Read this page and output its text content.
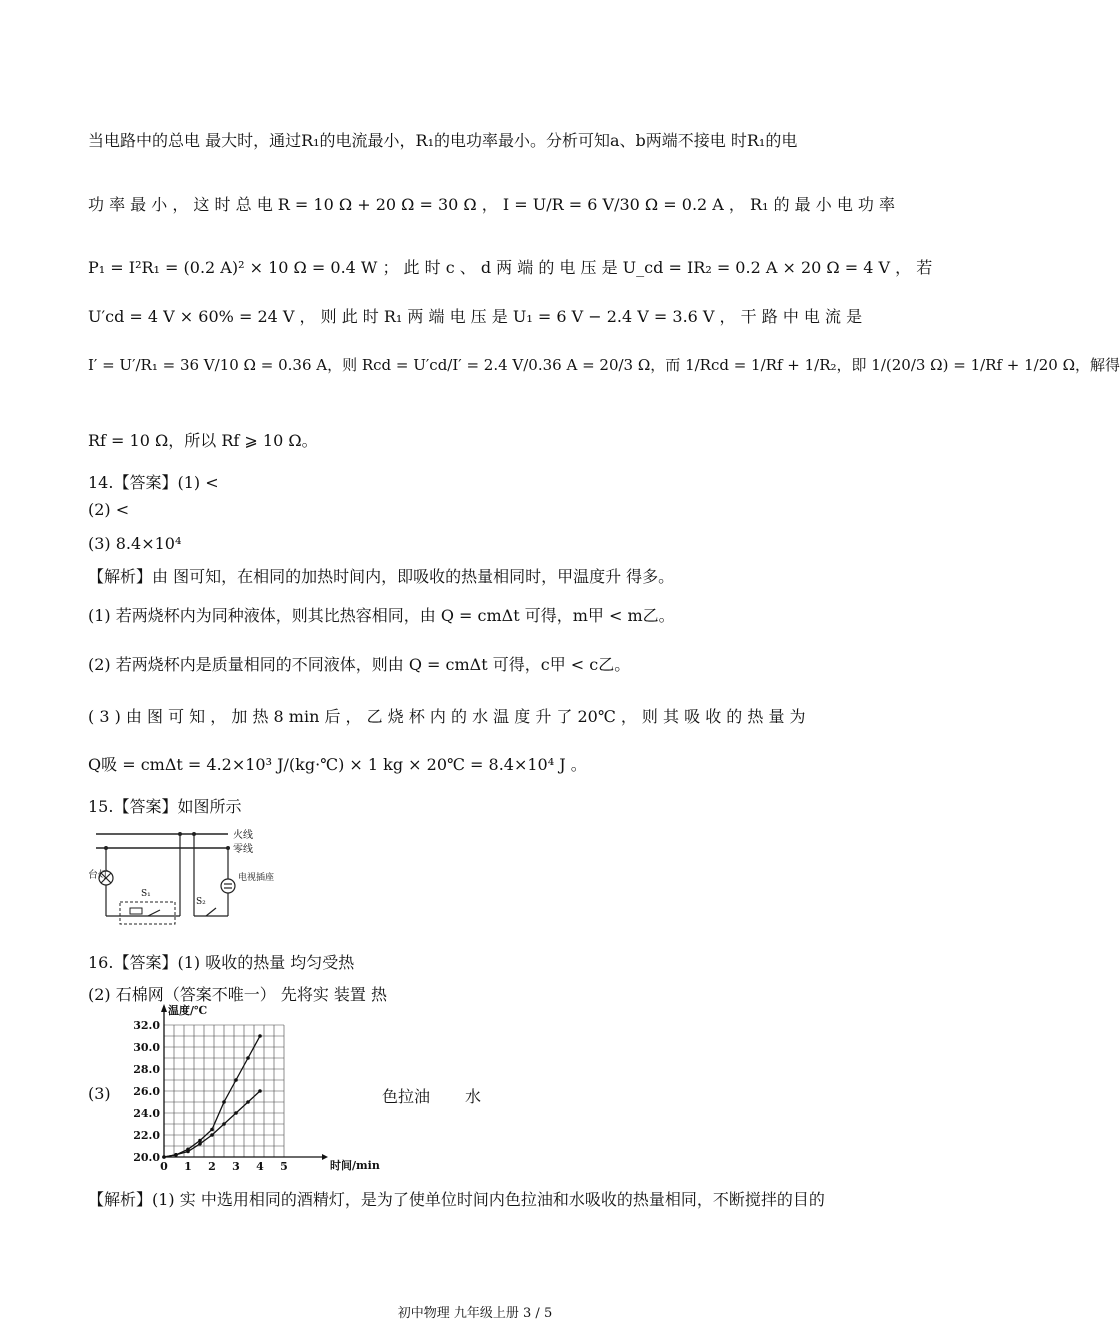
当电路中的总电 最大时，通过R₁的电流最小，R₁的电功率最小。分析可知a、b两端不接电 时R₁的电
功 率 最 小 ， 这 时 总 电 R = 10 Ω + 20 Ω = 30 Ω ， I = U/R = 6 V/30 Ω = 0.2 A ， R₁ 的 最 小 电 功 率
P₁ = I²R₁ = (0.2 A)² × 10 Ω = 0.4 W ； 此 时 c 、 d 两 端 的 电 压 是 U_cd = IR₂ = 0.2 A × 20 Ω = 4 V ， 若
U′cd = 4 V × 60% = 24 V ， 则 此 时 R₁ 两 端 电 压 是 U₁ = 6 V − 2.4 V = 3.6 V ， 干 路 中 电 流 是
I′ = U′/R₁ = 36 V/10 Ω = 0.36 A，则 Rcd = U′cd/I′ = 2.4 V/0.36 A = 20/3 Ω，而 1/Rcd = 1/Rf + 1/R₂，即 1/(20/3 Ω) = 1/Rf + 1/20 Ω，解得
Rf = 10 Ω，所以 Rf ⩾ 10 Ω。
14.【答案】(1) <
(2) <
(3) 8.4×10⁴
【解析】由 图可知，在相同的加热时间内，即吸收的热量相同时，甲温度升 得多。
(1) 若两烧杯内为同种液体，则其比热容相同，由 Q = cmΔt 可得，m甲 < m乙。
(2) 若两烧杯内是质量相同的不同液体，则由 Q = cmΔt 可得，c甲 < c乙。
( 3 ) 由 图 可 知 ， 加 热 8 min 后 ， 乙 烧 杯 内 的 水 温 度 升 了 20℃ ， 则 其 吸 收 的 热 量 为
Q吸 = cmΔt = 4.2×10³ J/(kg·℃) × 1 kg × 20℃ = 8.4×10⁴ J 。
15.【答案】如图所示
火线
零线
台灯
S₁
S₂
电视插座
16.【答案】(1) 吸收的热量 均匀受热
(2) 石棉网（答案不唯一） 先将实 装置 热
(3)
20.0
22.0
24.0
26.0
28.0
30.0
32.0
0 1 2 3 4 5	时间/min
温度/℃
色拉油 水
【解析】(1) 实 中选用相同的酒精灯，是为了使单位时间内色拉油和水吸收的热量相同，不断搅拌的目的
初中物理 九年级上册 3 / 5
